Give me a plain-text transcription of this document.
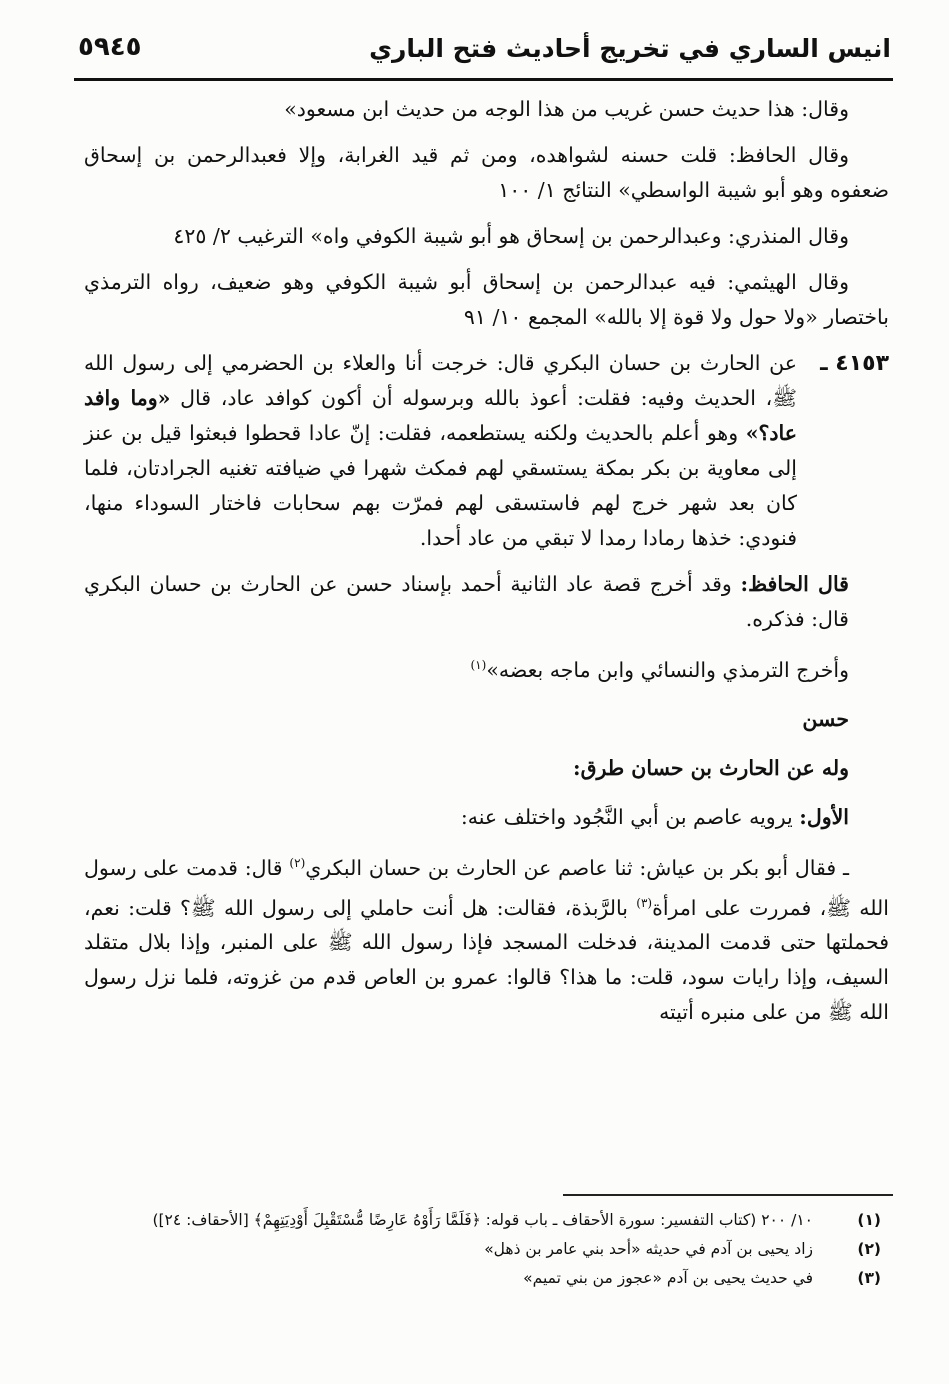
انيس الساري في تخريج أحاديث فتح الباري
٥٩٤٥

وقال: هذا حديث حسن غريب من هذا الوجه من حديث ابن مسعود»

وقال الحافظ: قلت حسنه لشواهده، ومن ثم قيد الغرابة، وإلا فعبدالرحمن بن إسحاق ضعفوه وهو أبو شيبة الواسطي» النتائج ١/ ١٠٠

وقال المنذري: وعبدالرحمن بن إسحاق هو أبو شيبة الكوفي واه» الترغيب ٢/ ٤٢٥

وقال الهيثمي: فيه عبدالرحمن بن إسحاق أبو شيبة الكوفي وهو ضعيف، رواه الترمذي باختصار «ولا حول ولا قوة إلا بالله» المجمع ١٠/ ٩١

٤١٥٣ ـ
عن الحارث بن حسان البكري قال: خرجت أنا والعلاء بن الحضرمي إلى رسول الله ﷺ، الحديث وفيه: فقلت: أعوذ بالله وبرسوله أن أكون كوافد عاد، قال «وما وافد عاد؟» وهو أعلم بالحديث ولكنه يستطعمه، فقلت: إنّ عادا قحطوا فبعثوا قيل بن عنز إلى معاوية بن بكر بمكة يستسقي لهم فمكث شهرا في ضيافته تغنيه الجرادتان، فلما كان بعد شهر خرج لهم فاستسقى لهم فمرّت بهم سحابات فاختار السوداء منها، فنودي: خذها رمادا رمدا لا تبقي من عاد أحدا.

قال الحافظ: وقد أخرج قصة عاد الثانية أحمد بإسناد حسن عن الحارث بن حسان البكري قال: فذكره.

وأخرج الترمذي والنسائي وابن ماجه بعضه»$^{(١)}$

حسن

وله عن الحارث بن حسان طرق:

الأول: يرويه عاصم بن أبي النَّجُود واختلف عنه:

ـ فقال أبو بكر بن عياش: ثنا عاصم عن الحارث بن حسان البكري$^{(٢)}$ قال: قدمت على رسول الله ﷺ، فمررت على امرأة$^{(٣)}$ بالرَّبذة، فقالت: هل أنت حاملي إلى رسول الله ﷺ؟ قلت: نعم، فحملتها حتى قدمت المدينة، فدخلت المسجد فإذا رسول الله ﷺ على المنبر، وإذا بلال متقلد السيف، وإذا رايات سود، قلت: ما هذا؟ قالوا: عمرو بن العاص قدم من غزوته، فلما نزل رسول الله ﷺ من على منبره أتيته

(١)
١٠/ ٢٠٠ (كتاب التفسير: سورة الأحقاف ـ باب قوله: ﴿فَلَمَّا رَأَوْهُ عَارِضًا مُّسْتَقْبِلَ أَوْدِيَتِهِمْ﴾ [الأحقاف: ٢٤])
(٢)
زاد يحيى بن آدم في حديثه «أحد بني عامر بن ذهل»
(٣)
في حديث يحيى بن آدم «عجوز من بني تميم»
